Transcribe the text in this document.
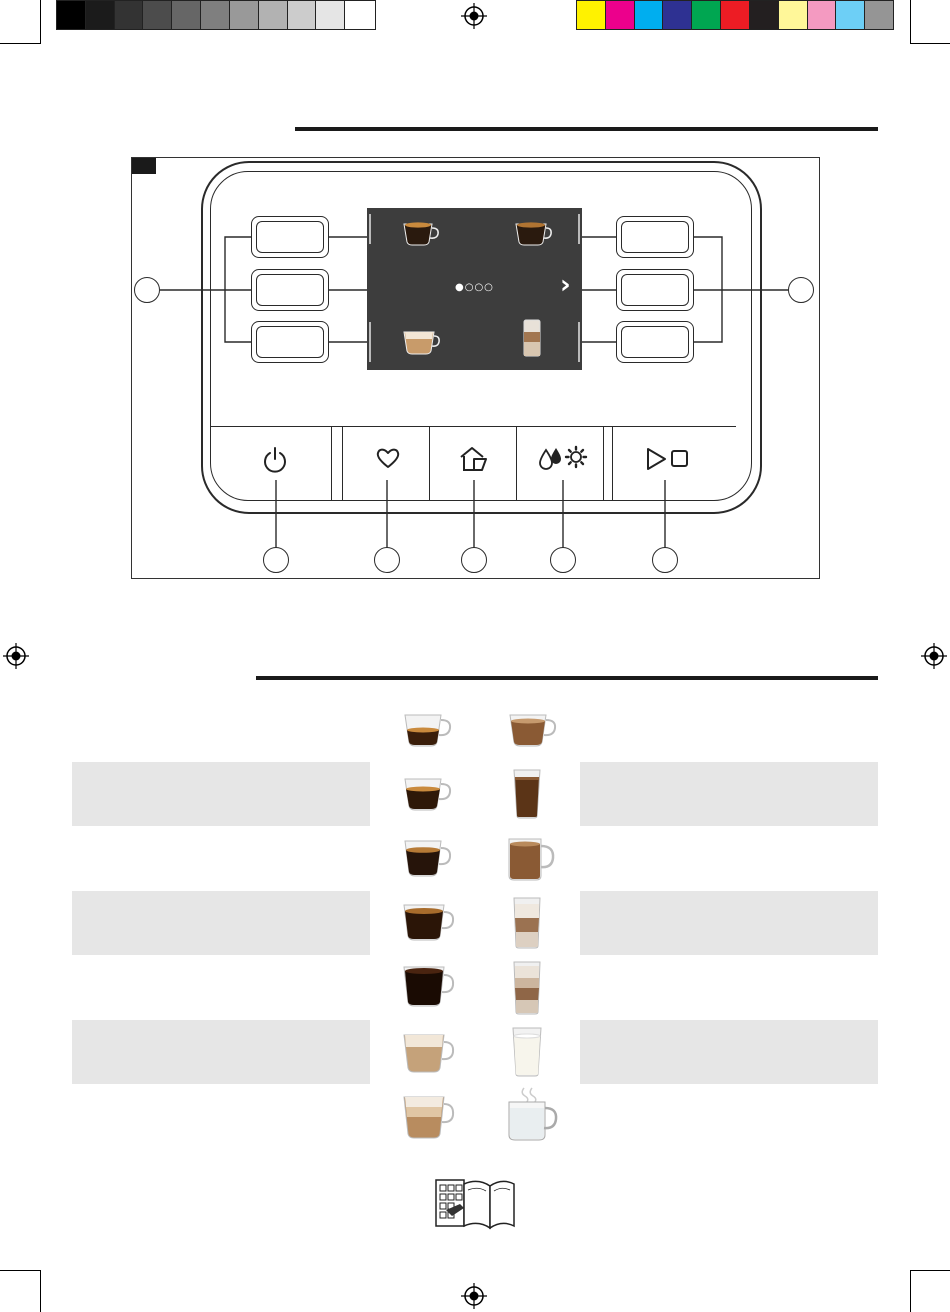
●○○○	›
